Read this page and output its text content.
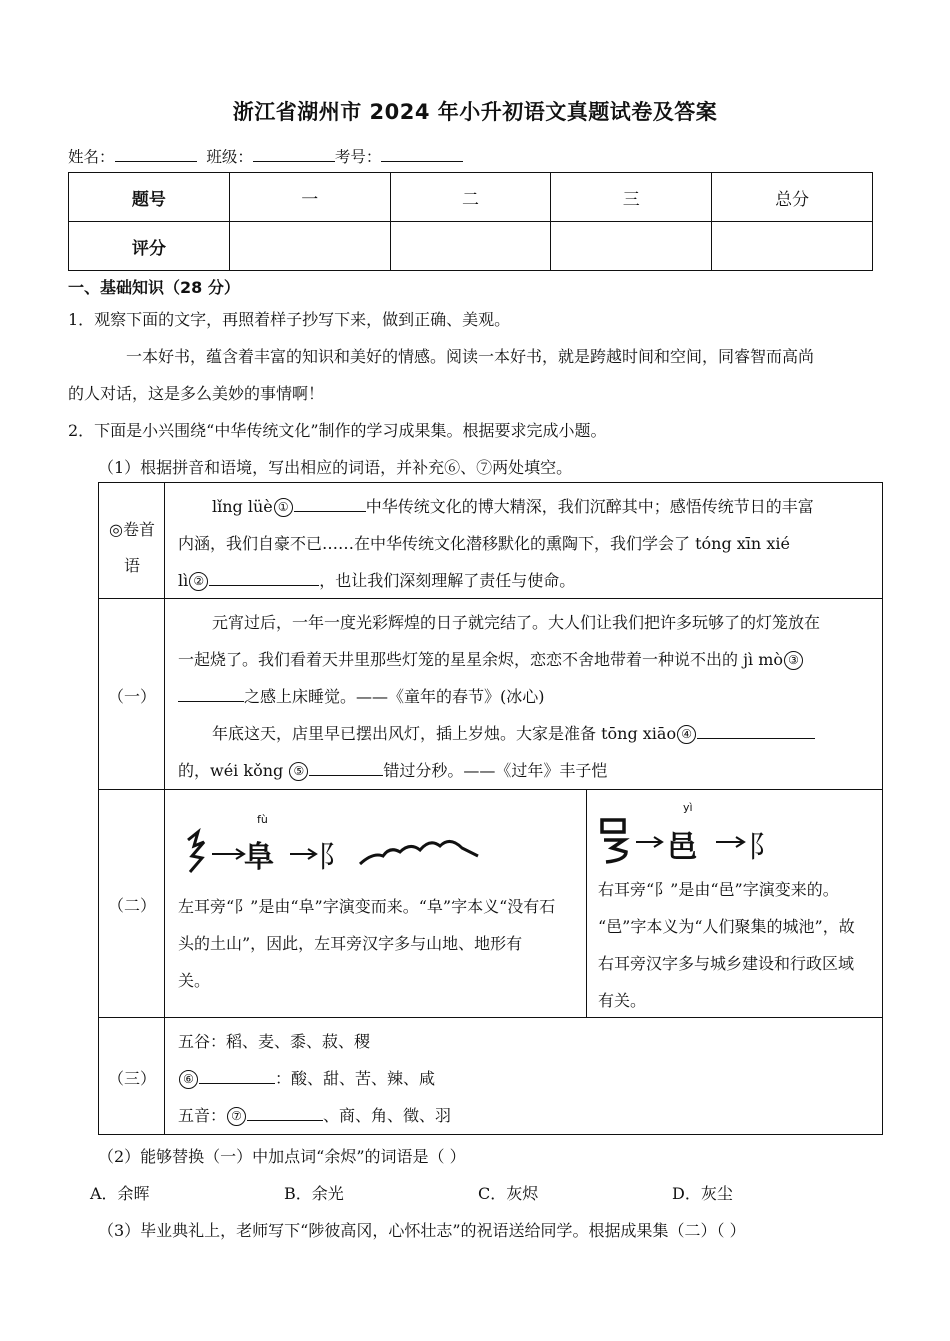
浙江省湖州市 2024 年小升初语文真题试卷及答案
姓名：	班级：	考号：
题号	一	二	三	总分
评分				
一、基础知识（28 分）
1．观察下面的文字，再照着样子抄写下来，做到正确、美观。
一本好书，蕴含着丰富的知识和美好的情感。阅读一本好书，就是跨越时间和空间，同睿智而高尚
的人对话，这是多么美妙的事情啊！
2．下面是小兴围绕“中华传统文化”制作的学习成果集。根据要求完成小题。
（1）根据拼音和语境，写出相应的词语，并补充⑥、⑦两处填空。
◎卷首语
lǐng lüè ①	中华传统文化的博大精深，我们沉醉其中；感悟传统节日的丰富
内涵，我们自豪不已……在中华传统文化潜移默化的熏陶下，我们学会了 tóng xīn xié
lì ②	，也让我们深刻理解了责任与使命。
（一）
元宵过后，一年一度光彩辉煌的日子就完结了。大人们让我们把许多玩够了的灯笼放在
一起烧了。我们看着天井里那些灯笼的星星余烬，恋恋不舍地带着一种说不出的 jì mò ③
之感上床睡觉。——《童年的春节》(冰心)
年底这天，店里早已摆出风灯，插上岁烛。大家是准备 tōng xiāo ④
的，wéi kǒng ⑤	错过分秒。——《过年》丰子恺
（二）
fù
阜 阝
左耳旁“阝”是由“阜”字演变而来。“阜”字本义“没有石
头的土山”，因此，左耳旁汉字多与山地、地形有
关。
yì
邑 阝
右耳旁“阝”是由“邑”字演变来的。
“邑”字本义为“人们聚集的城池”，故
右耳旁汉字多与城乡建设和行政区域
有关。
（三）
五谷：稻、麦、黍、菽、稷
⑥	：酸、甜、苦、辣、咸
五音： ⑦	、商、角、徵、羽
（2）能够替换（一）中加点词“余烬”的词语是（ ）
A．余晖	B．余光	C．灰烬	D．灰尘
（3）毕业典礼上，老师写下“陟彼高冈，心怀壮志”的祝语送给同学。根据成果集（二）（ ）
